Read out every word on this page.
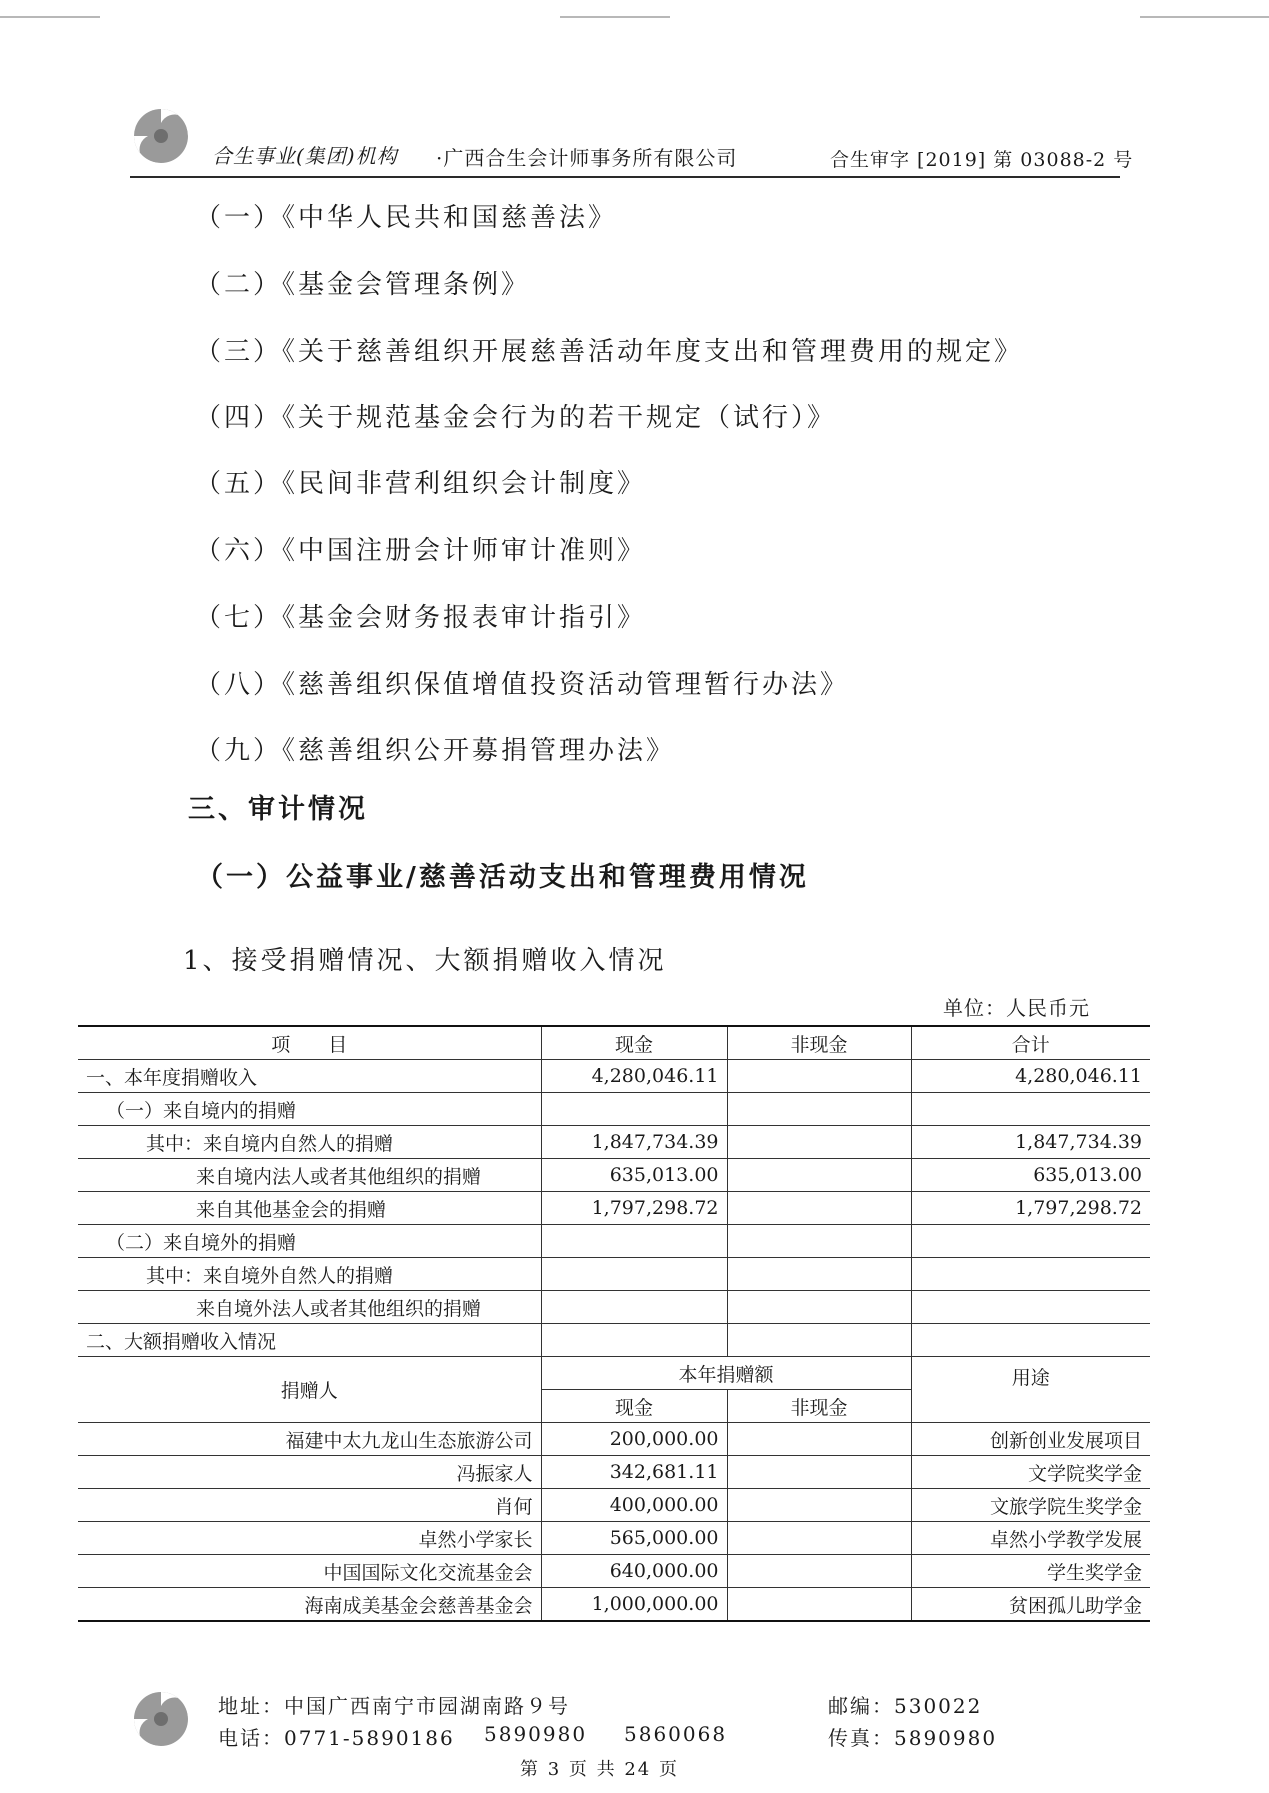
合生事业(集团)机构 ·广西合生会计师事务所有限公司	合生审字 [2019] 第 03088-2 号
（一）《中华人民共和国慈善法》
（二）《基金会管理条例》
（三）《关于慈善组织开展慈善活动年度支出和管理费用的规定》
（四）《关于规范基金会行为的若干规定（试行）》
（五）《民间非营利组织会计制度》
（六）《中国注册会计师审计准则》
（七）《基金会财务报表审计指引》
（八）《慈善组织保值增值投资活动管理暂行办法》
（九）《慈善组织公开募捐管理办法》
三、审计情况
（一）公益事业/慈善活动支出和管理费用情况
1、接受捐赠情况、大额捐赠收入情况
单位：人民币元
项　　目	现金	非现金	合计
一、本年度捐赠收入	4,280,046.11		4,280,046.11
（一）来自境内的捐赠			
其中：来自境内自然人的捐赠	1,847,734.39		1,847,734.39
来自境内法人或者其他组织的捐赠	635,013.00		635,013.00
来自其他基金会的捐赠	1,797,298.72		1,797,298.72
（二）来自境外的捐赠			
其中：来自境外自然人的捐赠			
来自境外法人或者其他组织的捐赠			
二、大额捐赠收入情况			
捐赠人	本年捐赠额		用途
	现金	非现金	
福建中太九龙山生态旅游公司	200,000.00		创新创业发展项目
冯振家人	342,681.11		文学院奖学金
肖何	400,000.00		文旅学院生奖学金
卓然小学家长	565,000.00		卓然小学教学发展
中国国际文化交流基金会	640,000.00		学生奖学金
海南成美基金会慈善基金会	1,000,000.00		贫困孤儿助学金
地址：中国广西南宁市园湖南路９号	邮编：530022
电话：0771-5890186 5890980 5860068	传真：5890980
第 3 页 共 24 页
